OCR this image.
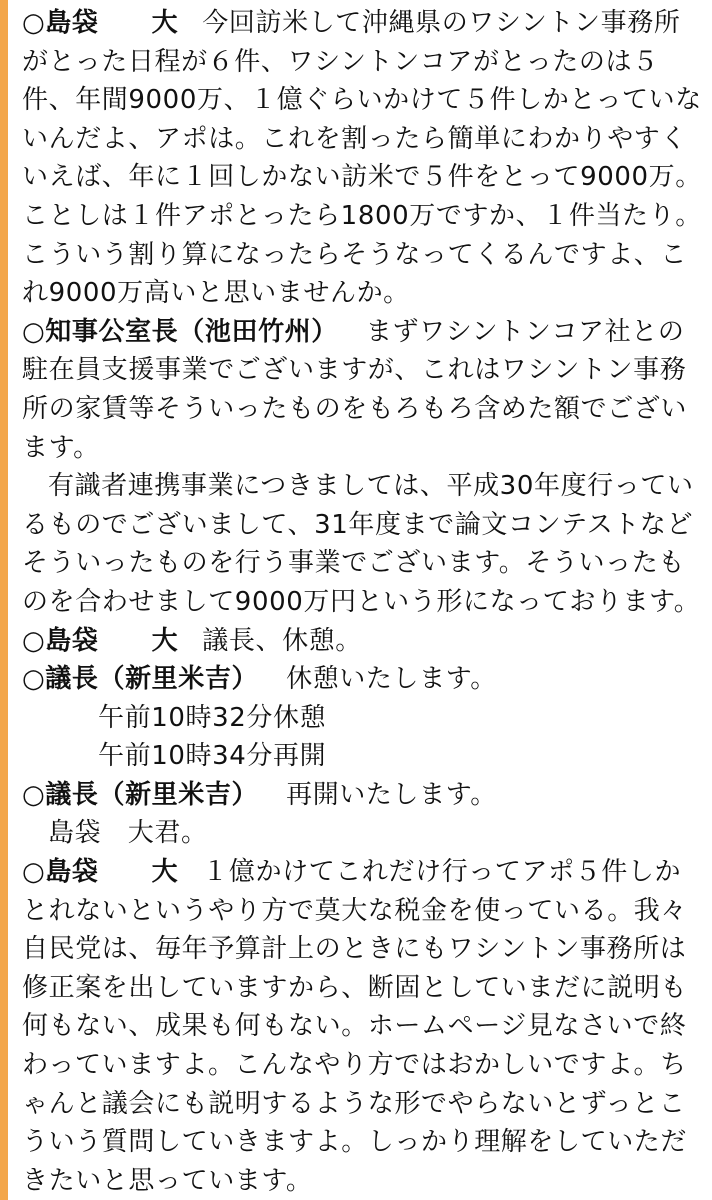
○島袋　　大 今回訪米して沖縄県のワシントン事務所がとった日程が６件、ワシントンコアがとったのは５件、年間9000万、１億ぐらいかけて５件しかとっていないんだよ、アポは。これを割ったら簡単にわかりやすくいえば、年に１回しかない訪米で５件をとって9000万。ことしは１件アポとったら1800万ですか、１件当たり。こういう割り算になったらそうなってくるんですよ、これ9000万高いと思いませんか。

○知事公室長（池田竹州） まずワシントンコア社との駐在員支援事業でございますが、これはワシントン事務所の家賃等そういったものをもろもろ含めた額でございます。

有識者連携事業につきましては、平成30年度行っているものでございまして、31年度まで論文コンテストなどそういったものを行う事業でございます。そういったものを合わせまして9000万円という形になっております。

○島袋　　大 議長、休憩。

○議長（新里米吉） 休憩いたします。

午前10時32分休憩

午前10時34分再開

○議長（新里米吉） 再開いたします。

島袋　大君。

○島袋　　大 １億かけてこれだけ行ってアポ５件しかとれないというやり方で莫大な税金を使っている。我々自民党は、毎年予算計上のときにもワシントン事務所は修正案を出していますから、断固としていまだに説明も何もない、成果も何もない。ホームページ見なさいで終わっていますよ。こんなやり方ではおかしいですよ。ちゃんと議会にも説明するような形でやらないとずっとこういう質問していきますよ。しっかり理解をしていただきたいと思っています。
